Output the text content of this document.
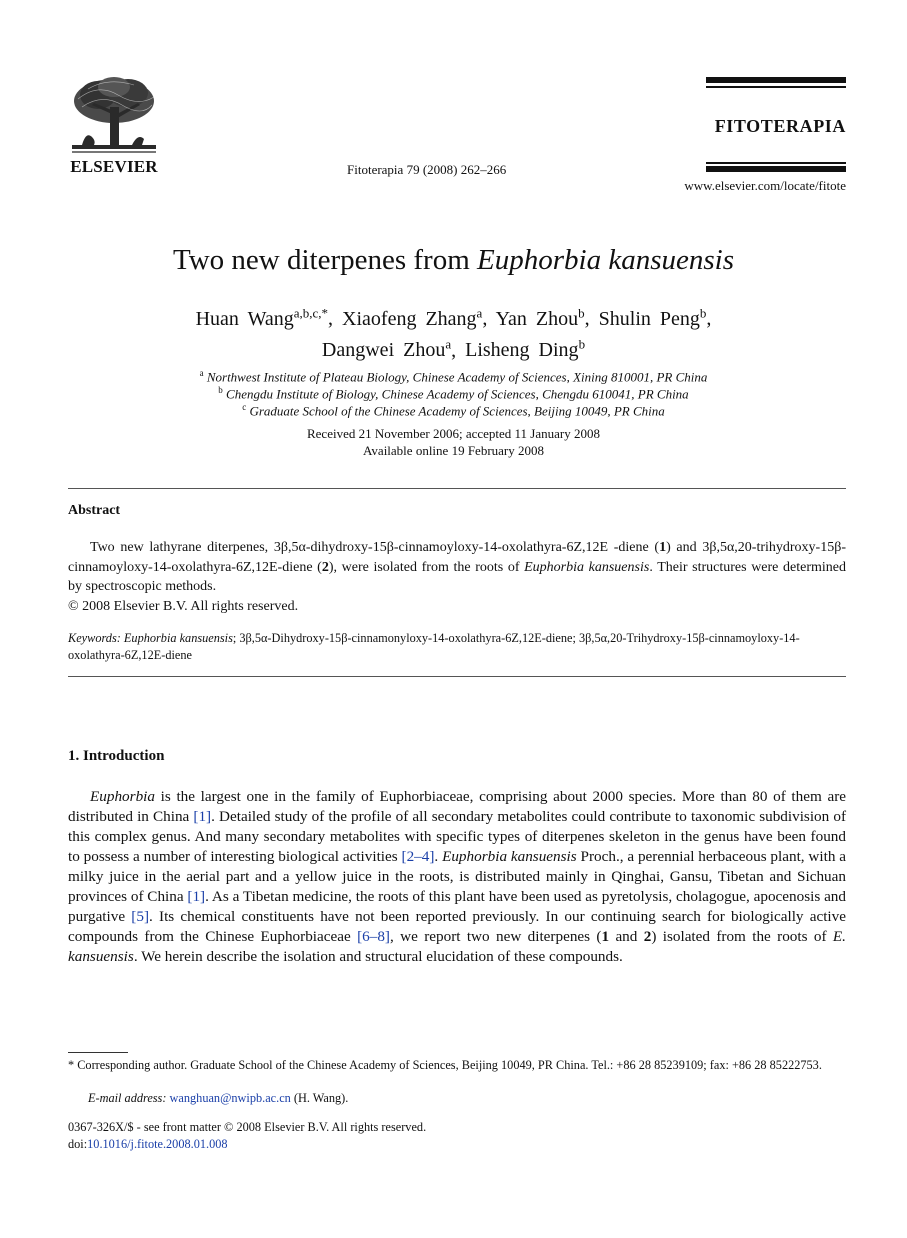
ELSEVIER	Fitoterapia 79 (2008) 262–266
FITOTERAPIA
www.elsevier.com/locate/fitote
Two new diterpenes from Euphorbia kansuensis
Huan Wang$^{a,b,c,*}$, Xiaofeng Zhang$^a$, Yan Zhou$^b$, Shulin Peng$^b$,
Dangwei Zhou$^a$, Lisheng Ding$^b$
$^a$ Northwest Institute of Plateau Biology, Chinese Academy of Sciences, Xining 810001, PR China
$^b$ Chengdu Institute of Biology, Chinese Academy of Sciences, Chengdu 610041, PR China
$^c$ Graduate School of the Chinese Academy of Sciences, Beijing 10049, PR China
Received 21 November 2006; accepted 11 January 2008
Available online 19 February 2008
Abstract

Two new lathyrane diterpenes, 3β,5α-dihydroxy-15β-cinnamoyloxy-14-oxolathyra-6Z,12E -diene (1) and 3β,5α,20-trihydroxy-15β-cinnamoyloxy-14-oxolathyra-6Z,12E-diene (2), were isolated from the roots of Euphorbia kansuensis. Their structures were determined by spectroscopic methods.

© 2008 Elsevier B.V. All rights reserved.

Keywords: Euphorbia kansuensis; 3β,5α-Dihydroxy-15β-cinnamonyloxy-14-oxolathyra-6Z,12E-diene; 3β,5α,20-Trihydroxy-15β-cinnamoyloxy-14-oxolathyra-6Z,12E-diene
1. Introduction

Euphorbia is the largest one in the family of Euphorbiaceae, comprising about 2000 species. More than 80 of them are distributed in China [1]. Detailed study of the profile of all secondary metabolites could contribute to taxonomic subdivision of this complex genus. And many secondary metabolites with specific types of diterpenes skeleton in the genus have been found to possess a number of interesting biological activities [2–4]. Euphorbia kansuensis Proch., a perennial herbaceous plant, with a milky juice in the aerial part and a yellow juice in the roots, is distributed mainly in Qinghai, Gansu, Tibetan and Sichuan provinces of China [1]. As a Tibetan medicine, the roots of this plant have been used as pyretolysis, cholagogue, apocenosis and purgative [5]. Its chemical constituents have not been reported previously. In our continuing search for biologically active compounds from the Chinese Euphorbiaceae [6–8], we report two new diterpenes (1 and 2) isolated from the roots of E. kansuensis. We herein describe the isolation and structural elucidation of these compounds.

* Corresponding author. Graduate School of the Chinese Academy of Sciences, Beijing 10049, PR China. Tel.: +86 28 85239109; fax: +86 28 85222753.
E-mail address: wanghuan@nwipb.ac.cn (H. Wang).
0367-326X/$ - see front matter © 2008 Elsevier B.V. All rights reserved.
doi:10.1016/j.fitote.2008.01.008
